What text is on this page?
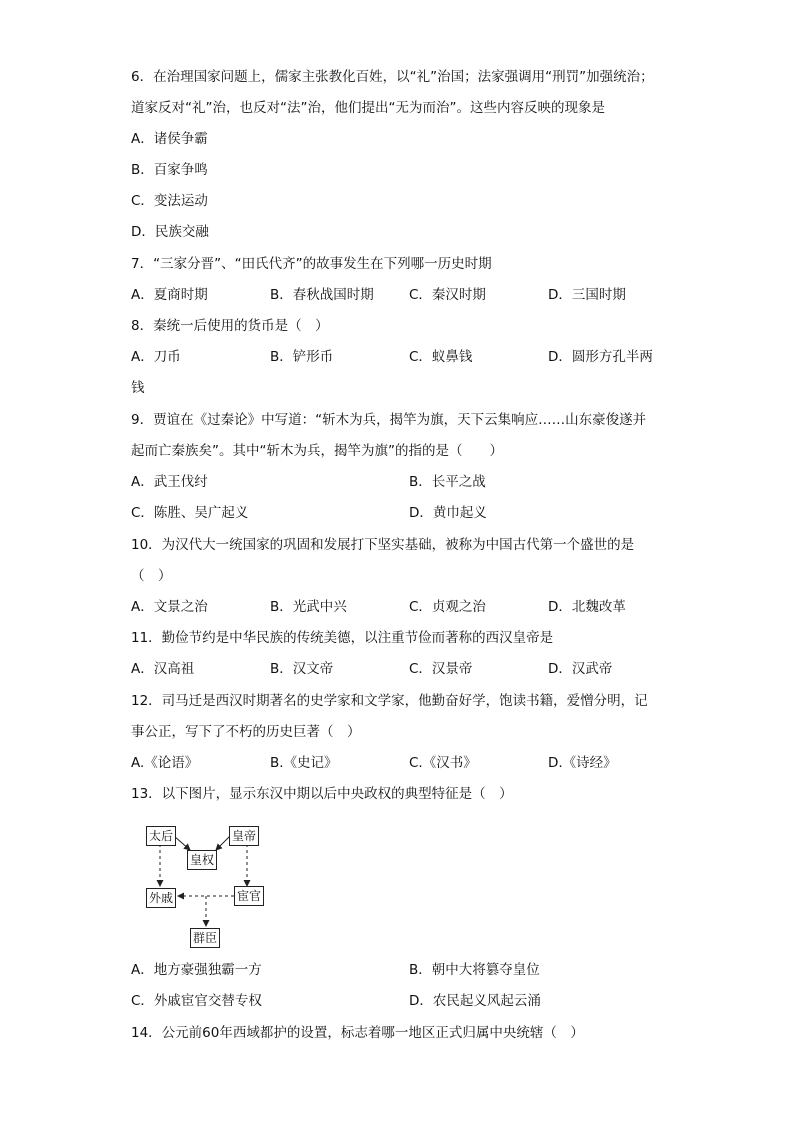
6．在治理国家问题上，儒家主张教化百姓，以“礼”治国；法家强调用“刑罚”加强统治；
道家反对“礼”治，也反对“法”治，他们提出“无为而治”。这些内容反映的现象是
A．诸侯争霸
B．百家争鸣
C．变法运动
D．民族交融
7．“三家分晋”、“田氏代齐”的故事发生在下列哪一历史时期
A．夏商时期	B．春秋战国时期	C．秦汉时期	D．三国时期
8．秦统一后使用的货币是（　）
A．刀币	B．铲形币	C．蚁鼻钱	D．圆形方孔半两
钱
9．贾谊在《过秦论》中写道：“斩木为兵，揭竿为旗，天下云集响应……山东豪俊遂并
起而亡秦族矣”。其中“斩木为兵，揭竿为旗”的指的是（　　）
A．武王伐纣	B．长平之战
C．陈胜、吴广起义	D．黄巾起义
10．为汉代大一统国家的巩固和发展打下坚实基础，被称为中国古代第一个盛世的是
（　）
A．文景之治	B．光武中兴	C．贞观之治	D．北魏改革
11．勤俭节约是中华民族的传统美德，以注重节俭而著称的西汉皇帝是
A．汉高祖	B．汉文帝	C．汉景帝	D．汉武帝
12．司马迁是西汉时期著名的史学家和文学家，他勤奋好学，饱读书籍，爱憎分明，记
事公正，写下了不朽的历史巨著（　）
A.《论语》	B.《史记》	C.《汉书》	D.《诗经》
13．以下图片，显示东汉中期以后中央政权的典型特征是（　）
太后	皇帝
皇权
外戚	宦官
群臣
A．地方豪强独霸一方	B．朝中大将篡夺皇位
C．外戚宦官交替专权	D．农民起义风起云涌
14．公元前60年西域都护的设置，标志着哪一地区正式归属中央统辖（　）
